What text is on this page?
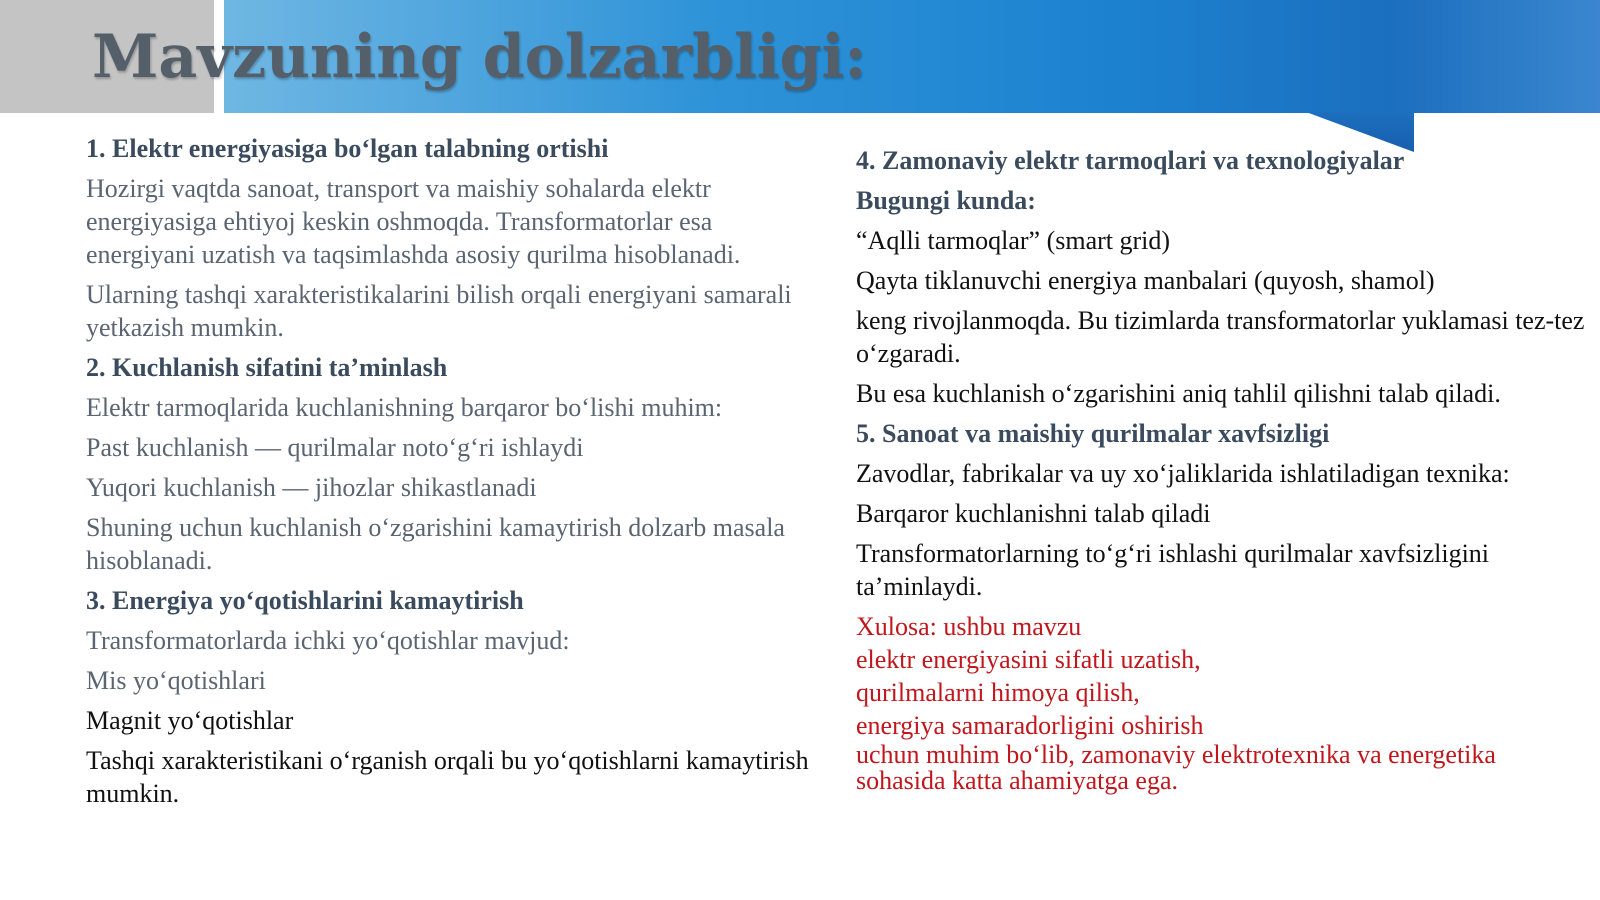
Mavzuning dolzarbligi:

1. Elektr energiyasiga bo‘lgan talabning ortishi

Hozirgi vaqtda sanoat, transport va maishiy sohalarda elektr energiyasiga ehtiyoj keskin oshmoqda. Transformatorlar esa energiyani uzatish va taqsimlashda asosiy qurilma hisoblanadi.

Ularning tashqi xarakteristikalarini bilish orqali energiyani samarali yetkazish mumkin.

2. Kuchlanish sifatini ta’minlash

Elektr tarmoqlarida kuchlanishning barqaror bo‘lishi muhim:

Past kuchlanish — qurilmalar noto‘g‘ri ishlaydi

Yuqori kuchlanish — jihozlar shikastlanadi

Shuning uchun kuchlanish o‘zgarishini kamaytirish dolzarb masala hisoblanadi.

3. Energiya yo‘qotishlarini kamaytirish

Transformatorlarda ichki yo‘qotishlar mavjud:

Mis yo‘qotishlari

Magnit yo‘qotishlar

Tashqi xarakteristikani o‘rganish orqali bu yo‘qotishlarni kamaytirish mumkin.

4. Zamonaviy elektr tarmoqlari va texnologiyalar

Bugungi kunda:

“Aqlli tarmoqlar” (smart grid)

Qayta tiklanuvchi energiya manbalari (quyosh, shamol)

keng rivojlanmoqda. Bu tizimlarda transformatorlar yuklamasi tez-tez o‘zgaradi.

Bu esa kuchlanish o‘zgarishini aniq tahlil qilishni talab qiladi.

5. Sanoat va maishiy qurilmalar xavfsizligi

Zavodlar, fabrikalar va uy xo‘jaliklarida ishlatiladigan texnika:

Barqaror kuchlanishni talab qiladi

Transformatorlarning to‘g‘ri ishlashi qurilmalar xavfsizligini ta’minlaydi.

Xulosa: ushbu mavzu

elektr energiyasini sifatli uzatish,

qurilmalarni himoya qilish,

energiya samaradorligini oshirish

uchun muhim bo‘lib, zamonaviy elektrotexnika va energetika sohasida katta ahamiyatga ega.
